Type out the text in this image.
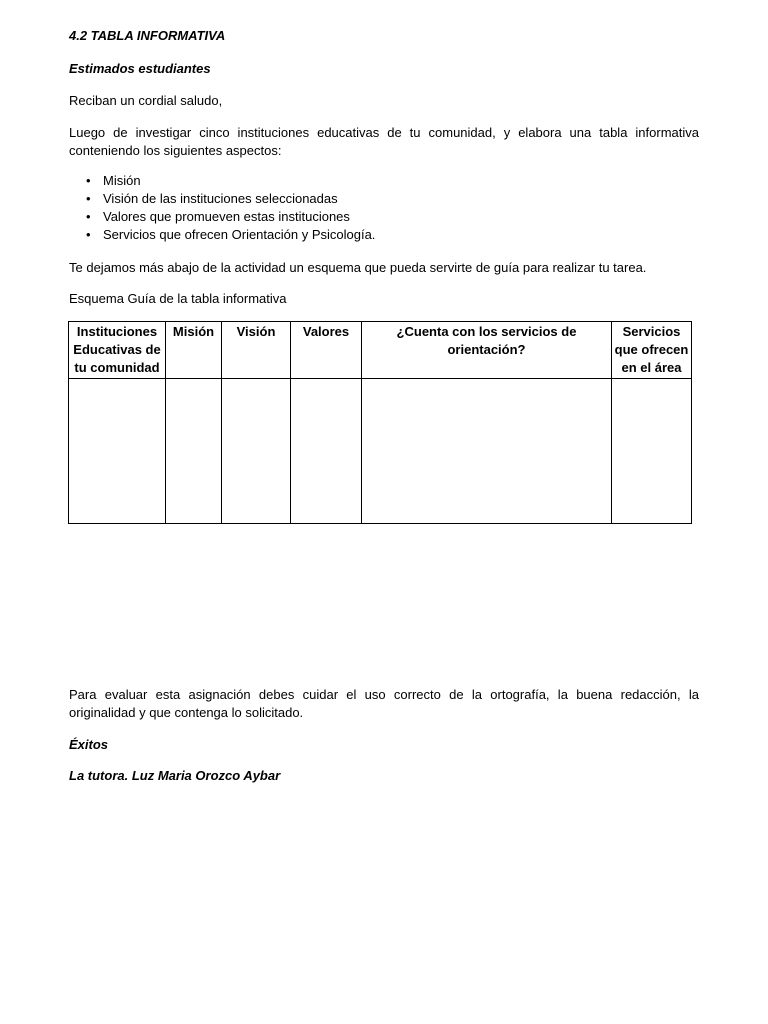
4.2 TABLA INFORMATIVA

Estimados estudiantes

Reciban un cordial saludo,

Luego de investigar cinco instituciones educativas de tu comunidad, y elabora una tabla informativa conteniendo los siguientes aspectos:

• Misión
• Visión de las instituciones seleccionadas
• Valores que promueven estas instituciones
• Servicios que ofrecen Orientación y Psicología.

Te dejamos más abajo de la actividad un esquema que pueda servirte de guía para realizar tu tarea.

Esquema Guía de la tabla informativa

Instituciones Educativas de tu comunidad	Misión	Visión	Valores	¿Cuenta con los servicios de orientación?	Servicios que ofrecen en el área

Para evaluar esta asignación debes cuidar el uso correcto de la ortografía, la buena redacción, la originalidad y que contenga lo solicitado.

Éxitos

La tutora. Luz Maria Orozco Aybar
